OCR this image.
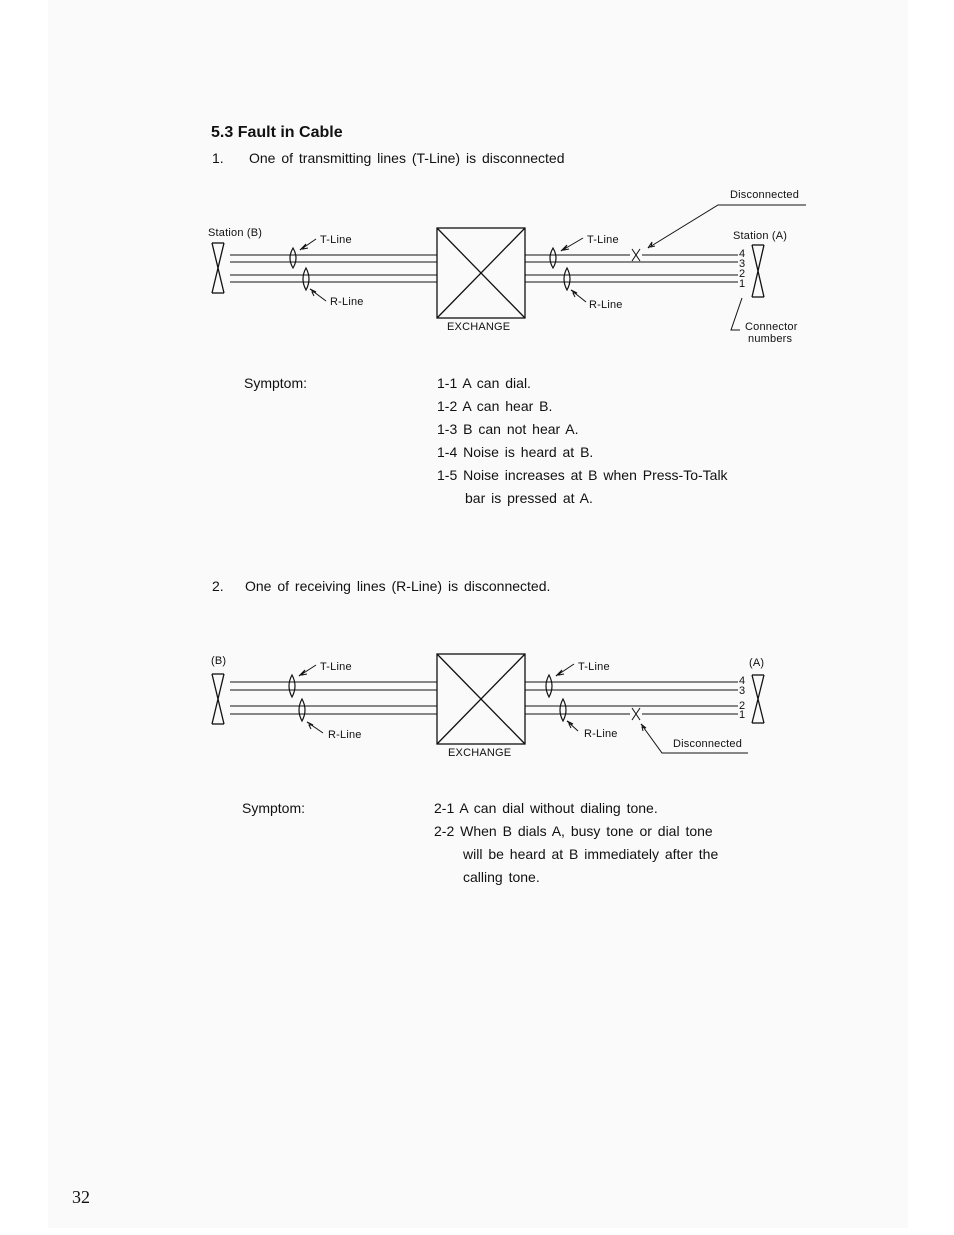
5.3 Fault in Cable
1. One of transmitting lines (T-Line) is disconnected
Station (B)
T-Line
R-Line
EXCHANGE
T-Line
R-Line
Disconnected
Station (A)
4
3
2
1
Connector
numbers
Symptom:	1-1 A can dial.
1-2 A can hear B.
1-3 B can not hear A.
1-4 Noise is heard at B.
1-5 Noise increases at B when Press-To-Talk
bar is pressed at A.
2. One of receiving lines (R-Line) is disconnected.
(B)	T-Line
R-Line
EXCHANGE
T-Line
R-Line
(A)
4
3
2
1
Disconnected
Symptom:	2-1 A can dial without dialing tone.
2-2 When B dials A, busy tone or dial tone
will be heard at B immediately after the
calling tone.
32
